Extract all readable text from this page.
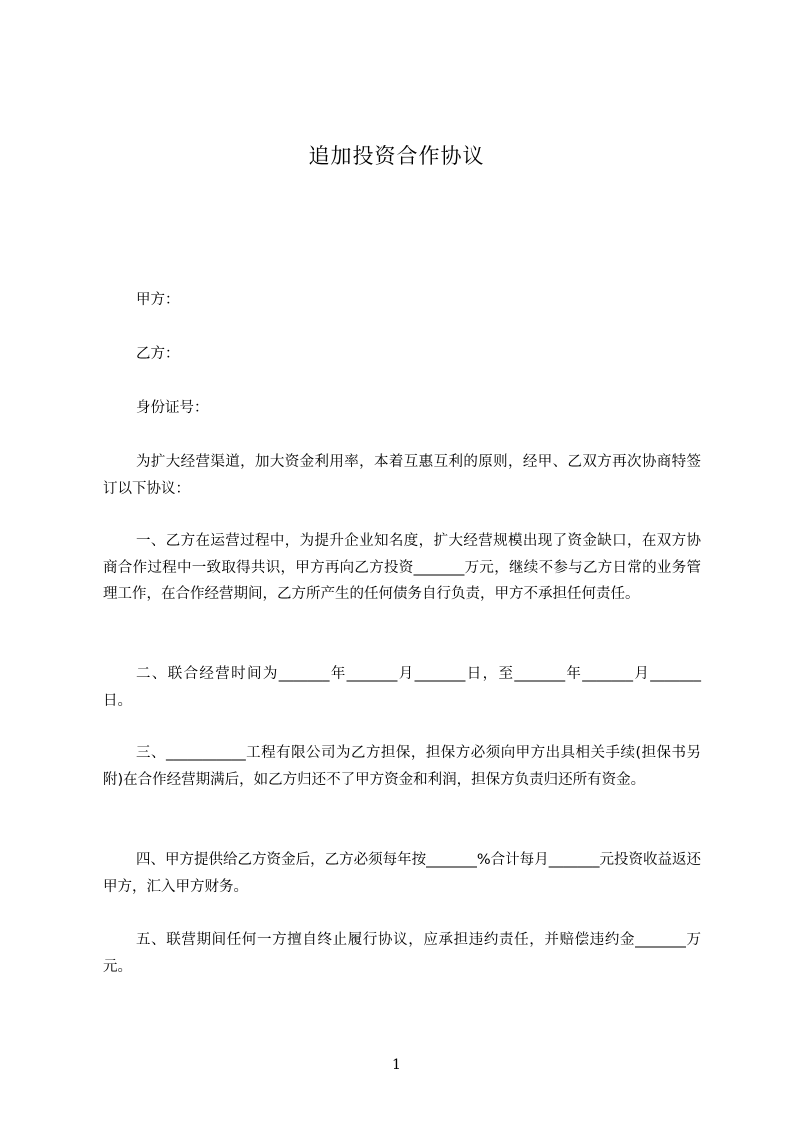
追加投资合作协议

甲方：

乙方：

身份证号：

为扩大经营渠道，加大资金利用率，本着互惠互利的原则，经甲、乙双方再次协商特签订以下协议：

一、乙方在运营过程中，为提升企业知名度，扩大经营规模出现了资金缺口，在双方协商合作过程中一致取得共识，甲方再向乙方投资_______万元，继续不参与乙方日常的业务管理工作，在合作经营期间，乙方所产生的任何债务自行负责，甲方不承担任何责任。

二、联合经营时间为_______年_______月_______日，至_______年_______月_______日。

三、___________工程有限公司为乙方担保，担保方必须向甲方出具相关手续(担保书另附)在合作经营期满后，如乙方归还不了甲方资金和利润，担保方负责归还所有资金。

四、甲方提供给乙方资金后，乙方必须每年按_______%合计每月_______元投资收益返还甲方，汇入甲方财务。

五、联营期间任何一方擅自终止履行协议，应承担违约责任，并赔偿违约金_______万元。

1
